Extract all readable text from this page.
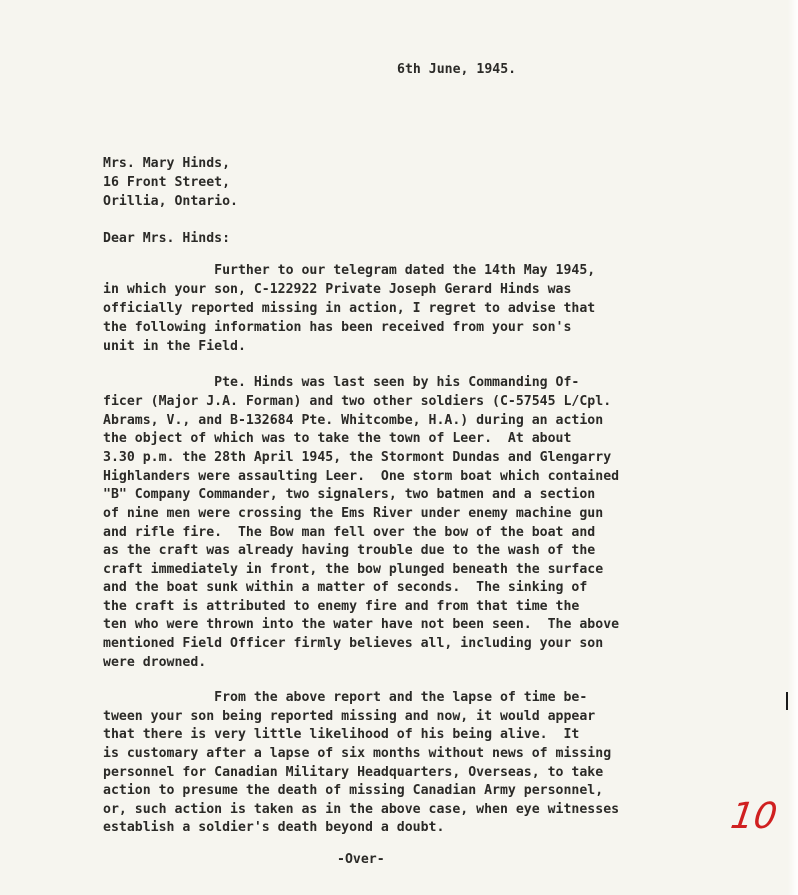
6th June, 1945.
Mrs. Mary Hinds,
16 Front Street,
Orillia, Ontario.
Dear Mrs. Hinds:
Further to our telegram dated the 14th May 1945,
in which your son, C-122922 Private Joseph Gerard Hinds was
officially reported missing in action, I regret to advise that
the following information has been received from your son's
unit in the Field.
Pte. Hinds was last seen by his Commanding Of-
ficer (Major J.A. Forman) and two other soldiers (C-57545 L/Cpl.
Abrams, V., and B-132684 Pte. Whitcombe, H.A.) during an action
the object of which was to take the town of Leer.  At about
3.30 p.m. the 28th April 1945, the Stormont Dundas and Glengarry
Highlanders were assaulting Leer.  One storm boat which contained
"B" Company Commander, two signalers, two batmen and a section
of nine men were crossing the Ems River under enemy machine gun
and rifle fire.  The Bow man fell over the bow of the boat and
as the craft was already having trouble due to the wash of the
craft immediately in front, the bow plunged beneath the surface
and the boat sunk within a matter of seconds.  The sinking of
the craft is attributed to enemy fire and from that time the
ten who were thrown into the water have not been seen.  The above
mentioned Field Officer firmly believes all, including your son
were drowned.
From the above report and the lapse of time be-
tween your son being reported missing and now, it would appear
that there is very little likelihood of his being alive.  It
is customary after a lapse of six months without news of missing
personnel for Canadian Military Headquarters, Overseas, to take
action to presume the death of missing Canadian Army personnel,
or, such action is taken as in the above case, when eye witnesses
establish a soldier's death beyond a doubt.
-Over-
10
